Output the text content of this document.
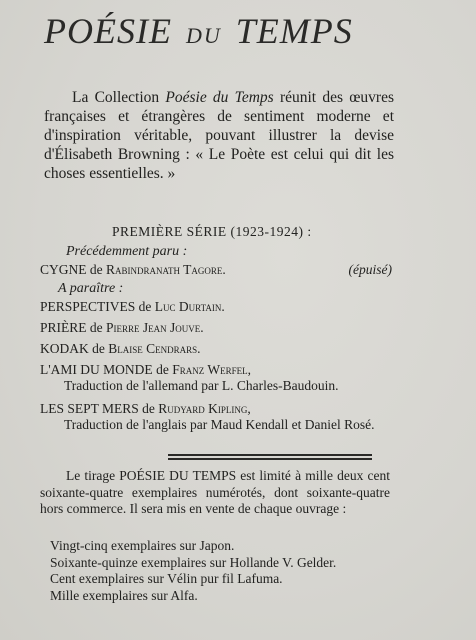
POÉSIE DU TEMPS
La Collection Poésie du Temps réunit des œuvres françaises et étrangères de sentiment moderne et d'inspiration véritable, pouvant illustrer la devise d'Élisabeth Browning : « Le Poète est celui qui dit les choses essentielles. »
PREMIÈRE SÉRIE (1923-1924) :
Précédemment paru :
CYGNE de Rabindranath Tagore.	(épuisé)
A paraître :
PERSPECTIVES de Luc Durtain.
PRIÈRE de Pierre Jean Jouve.
KODAK de Blaise Cendrars.
L'AMI DU MONDE de Franz Werfel,
Traduction de l'allemand par L. Charles-Baudouin.
LES SEPT MERS de Rudyard Kipling,
Traduction de l'anglais par Maud Kendall et Daniel Rosé.
Le tirage POÉSIE DU TEMPS est limité à mille deux cent soixante-quatre exemplaires numérotés, dont soixante-quatre hors commerce. Il sera mis en vente de chaque ouvrage :
Vingt-cinq exemplaires sur Japon.
Soixante-quinze exemplaires sur Hollande V. Gelder.
Cent exemplaires sur Vélin pur fil Lafuma.
Mille exemplaires sur Alfa.
